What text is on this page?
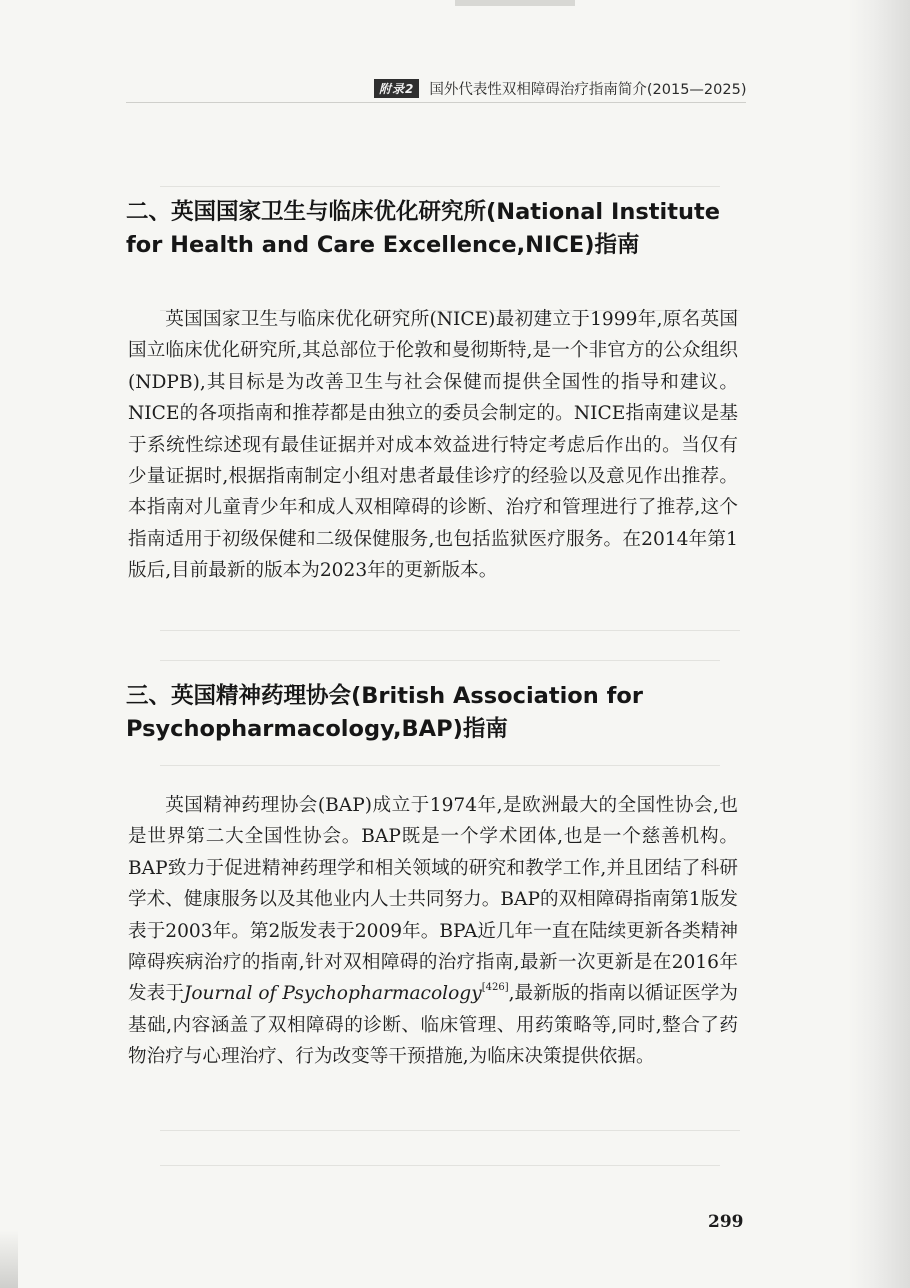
附录2	国外代表性双相障碍治疗指南简介(2015—2025)
二、英国国家卫生与临床优化研究所(National Institute for Health and Care Excellence,NICE)指南

英国国家卫生与临床优化研究所(NICE)最初建立于1999年,原名英国国立临床优化研究所,其总部位于伦敦和曼彻斯特,是一个非官方的公众组织(NDPB),其目标是为改善卫生与社会保健而提供全国性的指导和建议。NICE的各项指南和推荐都是由独立的委员会制定的。NICE指南建议是基于系统性综述现有最佳证据并对成本效益进行特定考虑后作出的。当仅有少量证据时,根据指南制定小组对患者最佳诊疗的经验以及意见作出推荐。本指南对儿童青少年和成人双相障碍的诊断、治疗和管理进行了推荐,这个指南适用于初级保健和二级保健服务,也包括监狱医疗服务。在2014年第1版后,目前最新的版本为2023年的更新版本。

三、英国精神药理协会(British Association for Psychopharmacology,BAP)指南

英国精神药理协会(BAP)成立于1974年,是欧洲最大的全国性协会,也是世界第二大全国性协会。BAP既是一个学术团体,也是一个慈善机构。BAP致力于促进精神药理学和相关领域的研究和教学工作,并且团结了科研学术、健康服务以及其他业内人士共同努力。BAP的双相障碍指南第1版发表于2003年。第2版发表于2009年。BPA近几年一直在陆续更新各类精神障碍疾病治疗的指南,针对双相障碍的治疗指南,最新一次更新是在2016年发表于Journal of Psychopharmacology[426],最新版的指南以循证医学为基础,内容涵盖了双相障碍的诊断、临床管理、用药策略等,同时,整合了药物治疗与心理治疗、行为改变等干预措施,为临床决策提供依据。

299
